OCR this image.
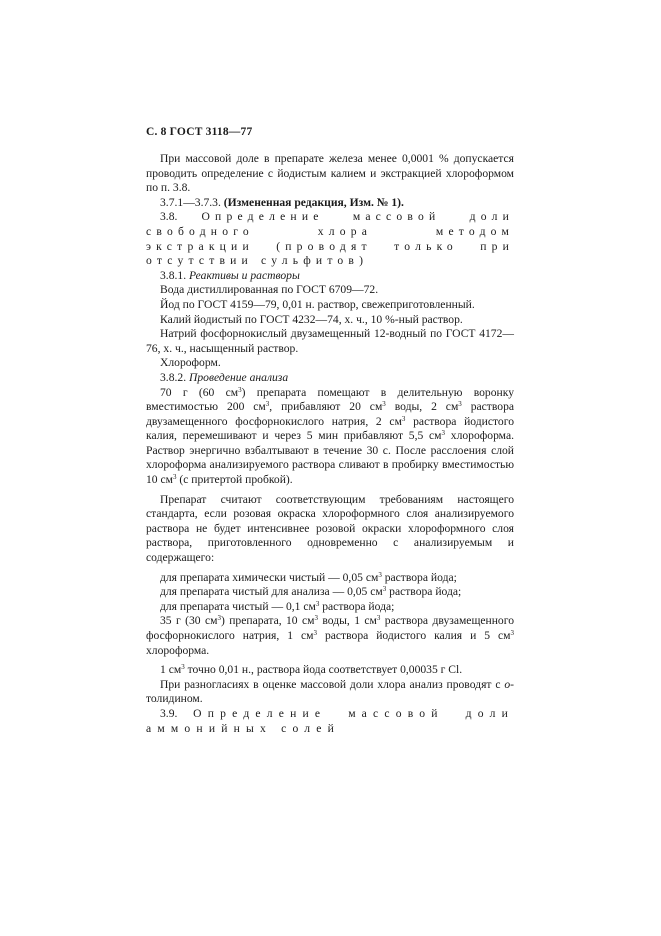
С. 8 ГОСТ 3118—77

При массовой доле в препарате железа менее 0,0001 % допускается проводить определение с йодистым калием и экстракцией хлороформом по п. 3.8.

3.7.1—3.7.3. (Измененная редакция, Изм. № 1).

3.8. Определение массовой доли свободного хлора методом экстракции (проводят только при отсутствии сульфитов)

3.8.1. Реактивы и растворы

Вода дистиллированная по ГОСТ 6709—72.

Йод по ГОСТ 4159—79, 0,01 н. раствор, свежеприготовленный.

Калий йодистый по ГОСТ 4232—74, х. ч., 10 %-ный раствор.

Натрий фосфорнокислый двузамещенный 12-водный по ГОСТ 4172—76, х. ч., насыщенный раствор.

Хлороформ.

3.8.2. Проведение анализа

70 г (60 $см^3$) препарата помещают в делительную воронку вместимостью 200 $см^3$, прибавляют 20 $см^3$ воды, 2 $см^3$ раствора двузамещенного фосфорнокислого натрия, 2 $см^3$ раствора йодистого калия, перемешивают и через 5 мин прибавляют 5,5 $см^3$ хлороформа. Раствор энергично взбалтывают в течение 30 с. После расслоения слой хлороформа анализируемого раствора сливают в пробирку вместимостью 10 $см^3$ (с притертой пробкой).

Препарат считают соответствующим требованиям настоящего стандарта, если розовая окраска хлороформного слоя анализируемого раствора не будет интенсивнее розовой окраски хлороформного слоя раствора, приготовленного одновременно с анализируемым и содержащего:

для препарата химически чистый — 0,05 $см^3$ раствора йода;

для препарата чистый для анализа — 0,05 $см^3$ раствора йода;

для препарата чистый — 0,1 $см^3$ раствора йода;

35 г (30 $см^3$) препарата, 10 $см^3$ воды, 1 $см^3$ раствора двузамещенного фосфорнокислого натрия, 1 $см^3$ раствора йодистого калия и 5 $см^3$ хлороформа.

1 $см^3$ точно 0,01 н., раствора йода соответствует 0,00035 г Cl.

При разногласиях в оценке массовой доли хлора анализ проводят с о-толидином.

3.9. Определение массовой доли аммонийных солей
